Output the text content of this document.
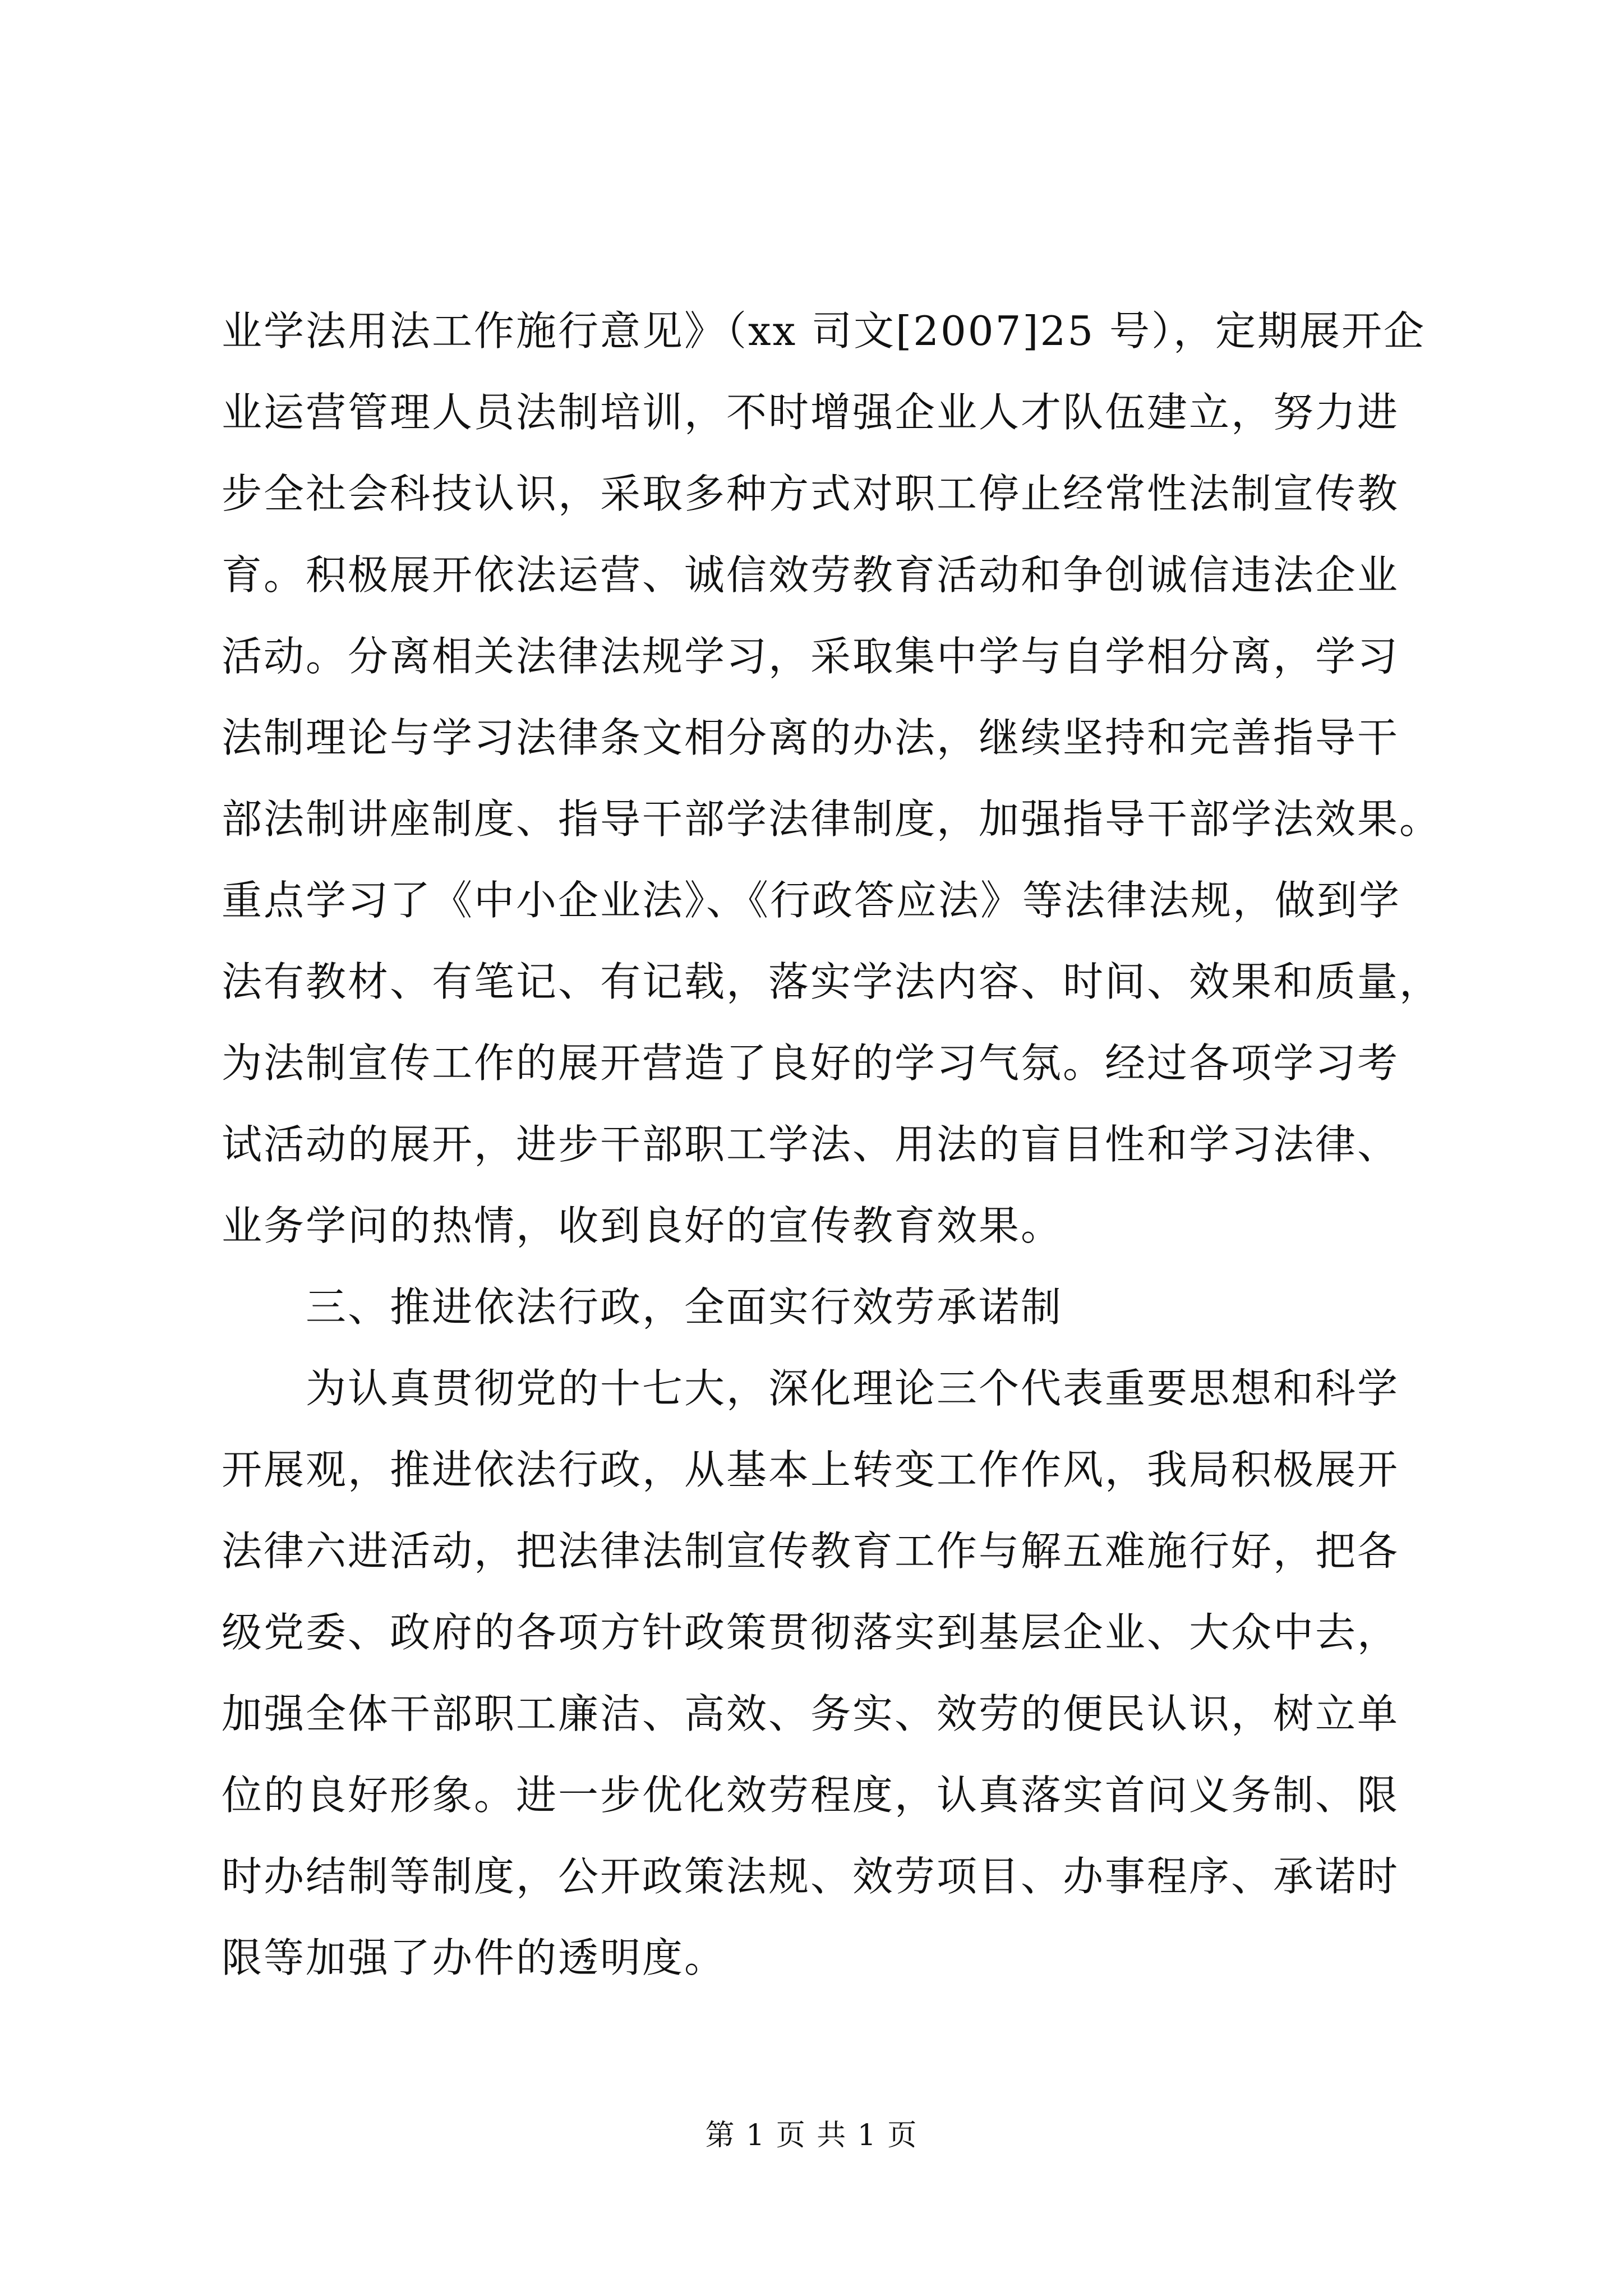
业学法用法工作施行意见》（xx 司文[2007]25 号），定期展开企
业运营管理人员法制培训，不时增强企业人才队伍建立，努力进
步全社会科技认识，采取多种方式对职工停止经常性法制宣传教
育。积极展开依法运营、诚信效劳教育活动和争创诚信违法企业
活动。分离相关法律法规学习，采取集中学与自学相分离，学习
法制理论与学习法律条文相分离的办法，继续坚持和完善指导干
部法制讲座制度、指导干部学法律制度，加强指导干部学法效果。
重点学习了《中小企业法》、《行政答应法》等法律法规，做到学
法有教材、有笔记、有记载，落实学法内容、时间、效果和质量，
为法制宣传工作的展开营造了良好的学习气氛。经过各项学习考
试活动的展开，进步干部职工学法、用法的盲目性和学习法律、
业务学问的热情，收到良好的宣传教育效果。
三、推进依法行政，全面实行效劳承诺制
为认真贯彻党的十七大，深化理论三个代表重要思想和科学
开展观，推进依法行政，从基本上转变工作作风，我局积极展开
法律六进活动，把法律法制宣传教育工作与解五难施行好，把各
级党委、政府的各项方针政策贯彻落实到基层企业、大众中去，
加强全体干部职工廉洁、高效、务实、效劳的便民认识，树立单
位的良好形象。进一步优化效劳程度，认真落实首问义务制、限
时办结制等制度，公开政策法规、效劳项目、办事程序、承诺时
限等加强了办件的透明度。
第 1 页 共 1 页
